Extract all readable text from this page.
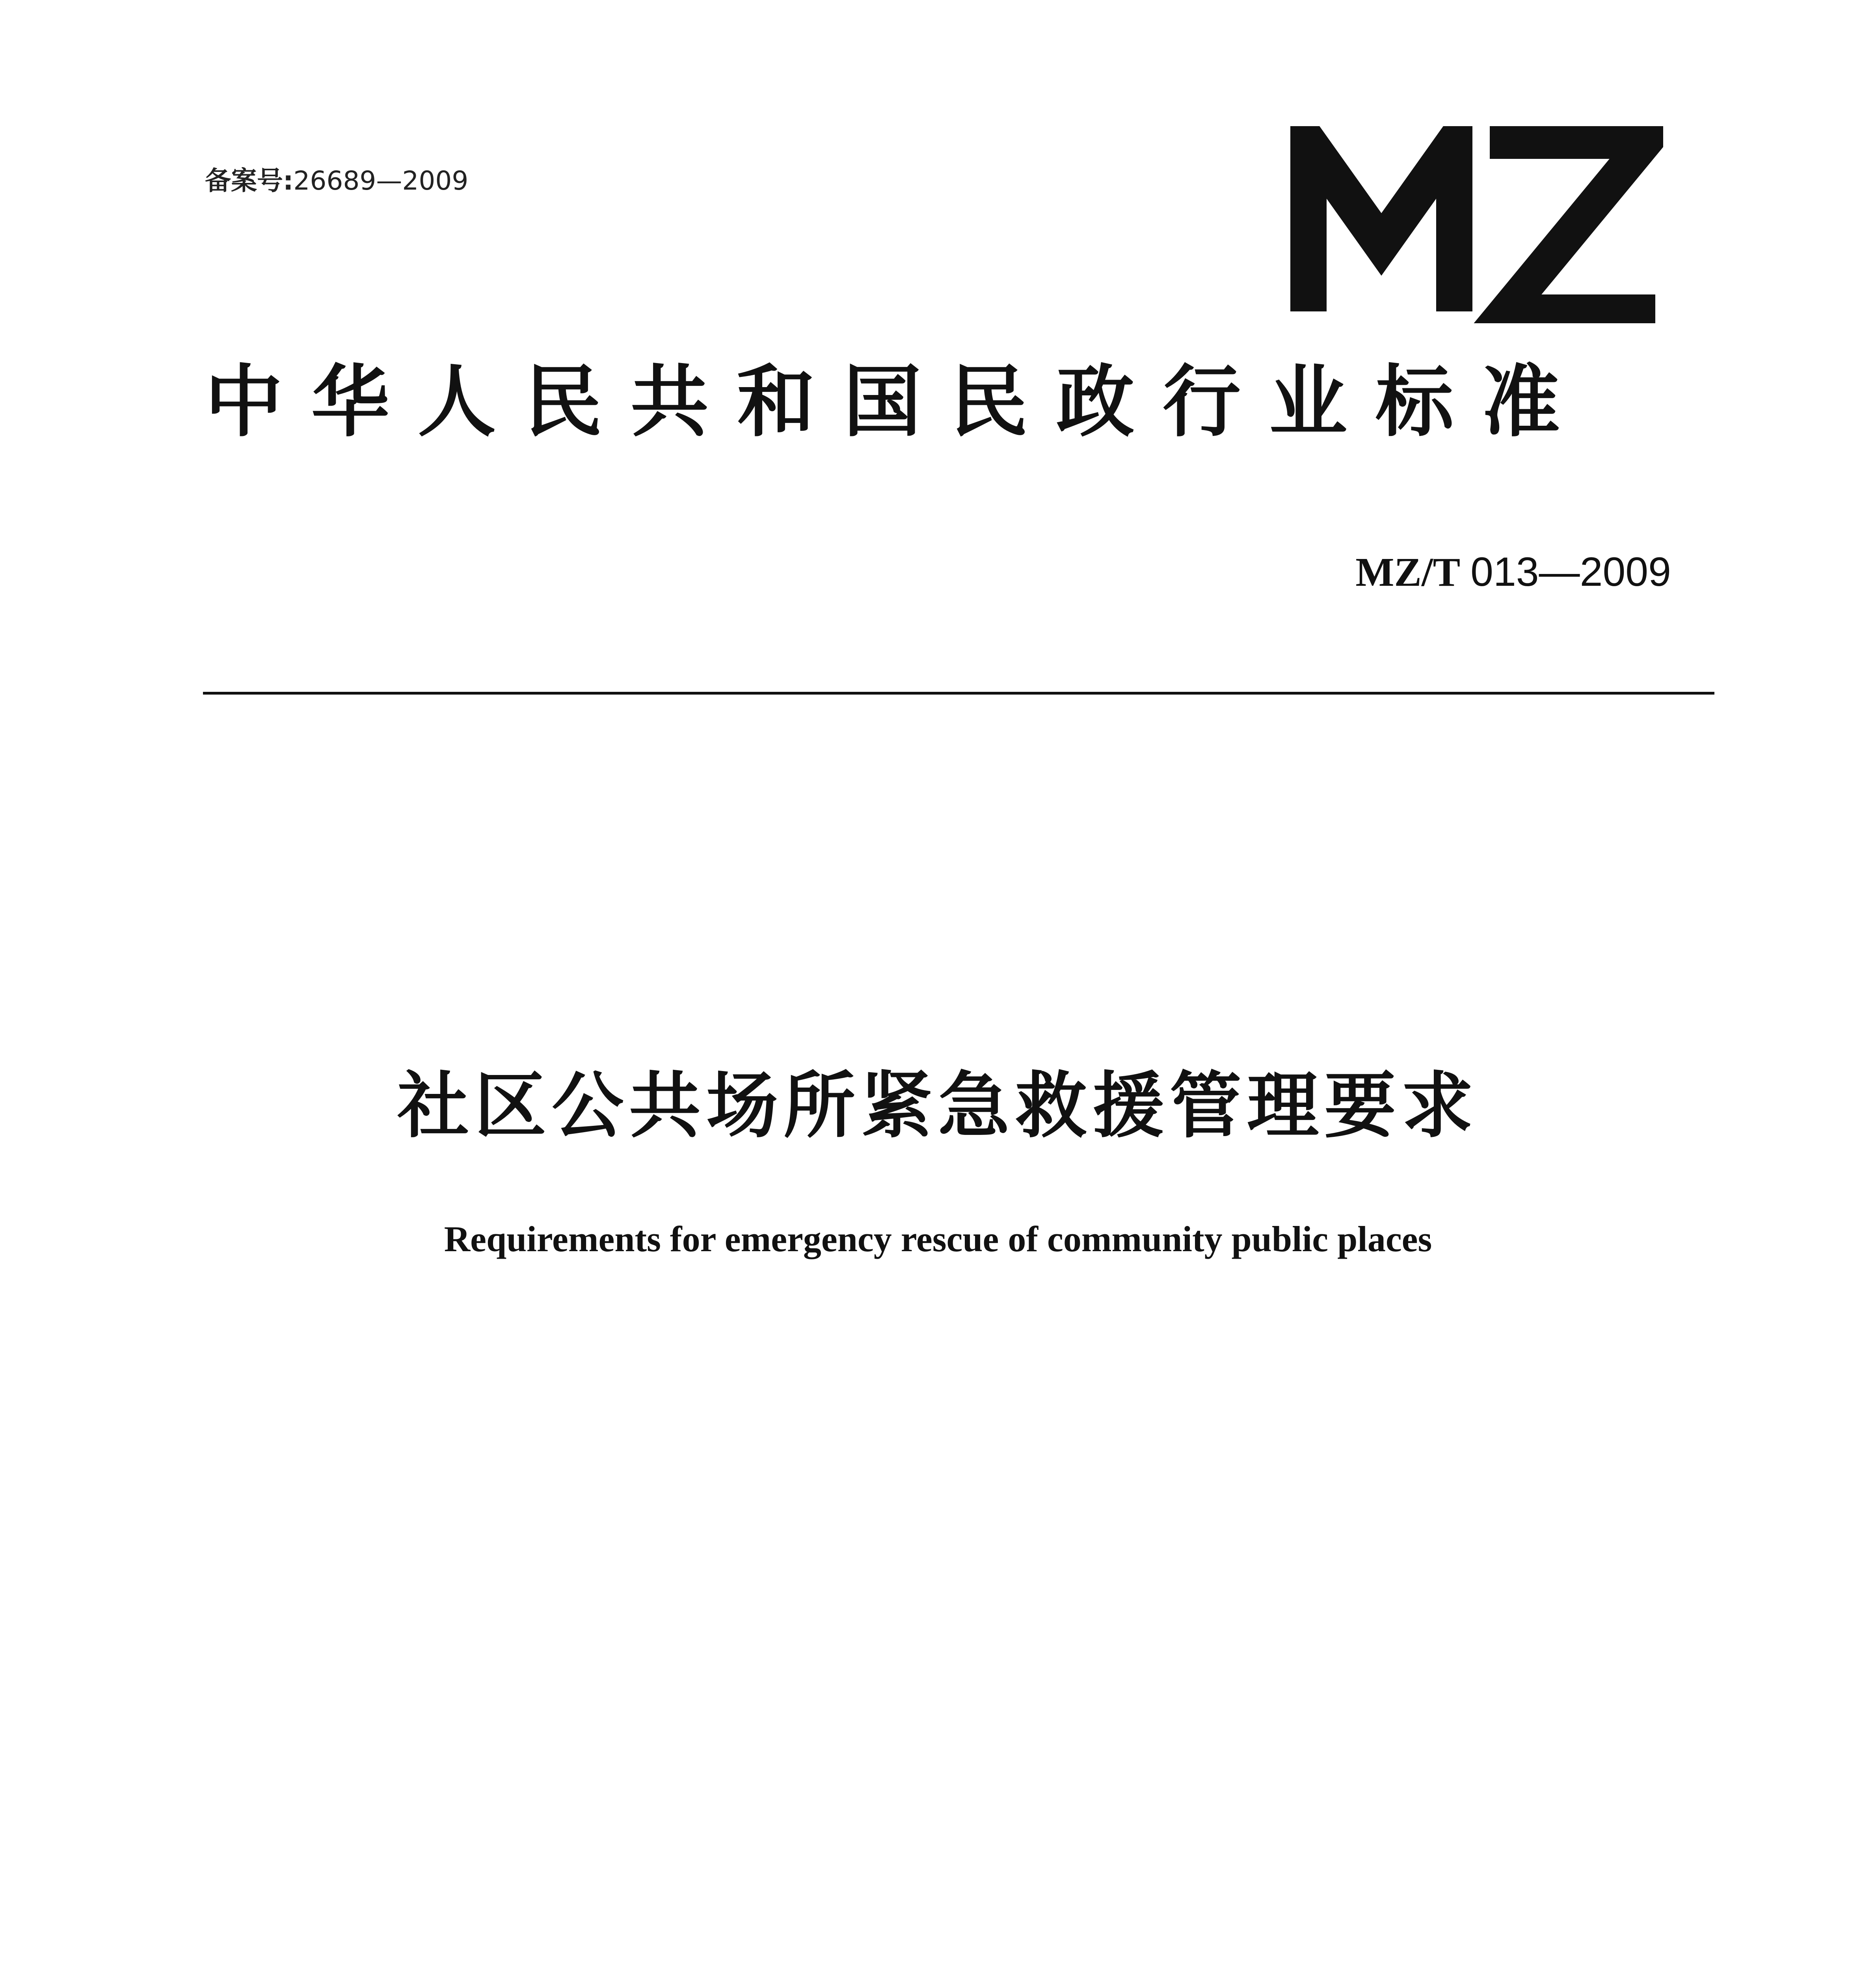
备案号:26689—2009
中华人民共和国民政行业标准
MZ/T 013—2009
社区公共场所紧急救援管理要求
Requirements for emergency rescue of community public places
